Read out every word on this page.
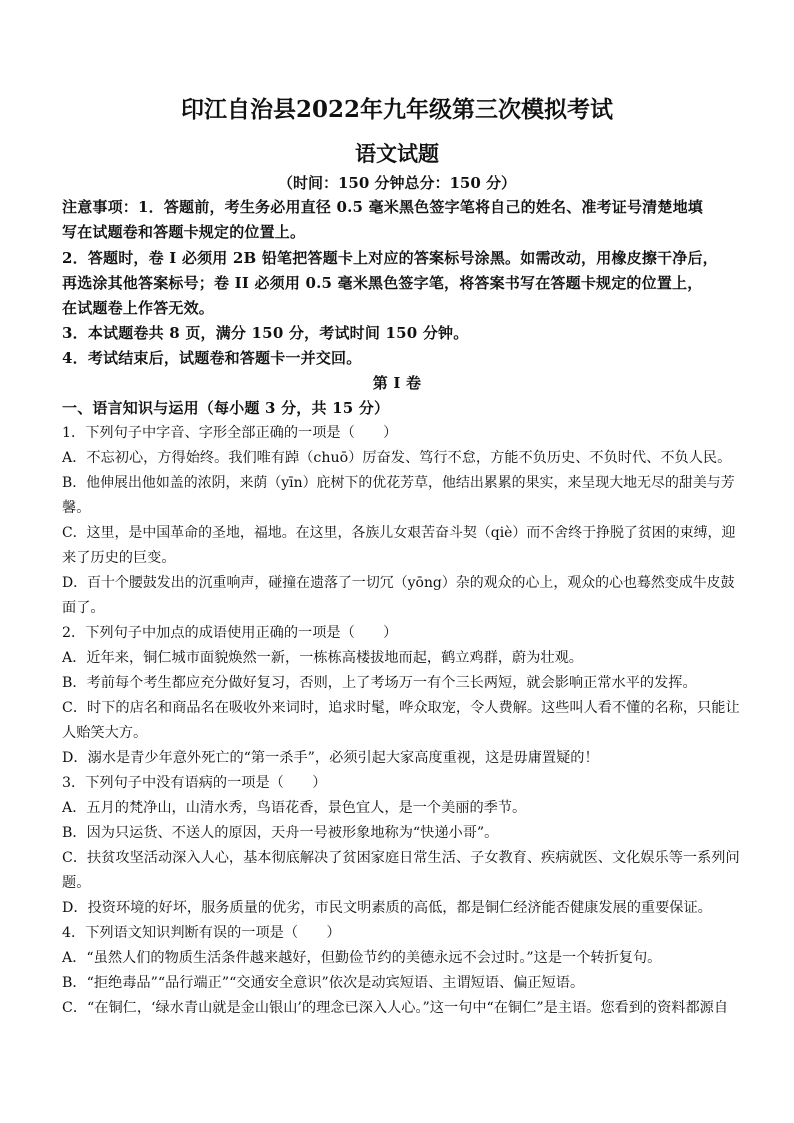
印江自治县2022年九年级第三次模拟考试
语文试题
（时间：150 分钟总分：150 分）
注意事项：1．答题前，考生务必用直径 0.5 毫米黑色签字笔将自己的姓名、准考证号清楚地填
写在试题卷和答题卡规定的位置上。
2．答题时，卷 I 必须用 2B 铅笔把答题卡上对应的答案标号涂黑。如需改动，用橡皮擦干净后，
再选涂其他答案标号；卷 II 必须用 0.5 毫米黑色签字笔，将答案书写在答题卡规定的位置上，
在试题卷上作答无效。
3．本试题卷共 8 页，满分 150 分，考试时间 150 分钟。
4．考试结束后，试题卷和答题卡一并交回。
第 I 卷
一、语言知识与运用（每小题 3 分，共 15 分）
1．下列句子中字音、字形全部正确的一项是（　　）
A．不忘初心，方得始终。我们唯有踔（chuō）厉奋发、笃行不怠，方能不负历史、不负时代、不负人民。
B．他伸展出他如盖的浓阴，来荫（yīn）庇树下的优花芳草，他结出累累的果实，来呈现大地无尽的甜美与芳
馨。
C．这里，是中国革命的圣地，福地。在这里，各族儿女艰苦奋斗契（qiè）而不舍终于挣脱了贫困的束缚，迎
来了历史的巨变。
D．百十个腰鼓发出的沉重响声，碰撞在遗落了一切冗（yōng）杂的观众的心上，观众的心也蓦然变成牛皮鼓
面了。
2．下列句子中加点的成语使用正确的一项是（　　）
A．近年来，铜仁城市面貌焕然一新，一栋栋高楼拔地而起，鹤立鸡群，蔚为壮观。
B．考前每个考生都应充分做好复习，否则，上了考场万一有个三长两短，就会影响正常水平的发挥。
C．时下的店名和商品名在吸收外来词时，追求时髦，哗众取宠，令人费解。这些叫人看不懂的名称，只能让
人贻笑大方。
D．溺水是青少年意外死亡的“第一杀手”，必须引起大家高度重视，这是毋庸置疑的！
3．下列句子中没有语病的一项是（　　）
A．五月的梵净山，山清水秀，鸟语花香，景色宜人，是一个美丽的季节。
B．因为只运货、不送人的原因，天舟一号被形象地称为“快递小哥”。
C．扶贫攻坚活动深入人心，基本彻底解决了贫困家庭日常生活、子女教育、疾病就医、文化娱乐等一系列问
题。
D．投资环境的好坏，服务质量的优劣，市民文明素质的高低，都是铜仁经济能否健康发展的重要保证。
4．下列语文知识判断有误的一项是（　　）
A．“虽然人们的物质生活条件越来越好，但勤俭节约的美德永远不会过时。”这是一个转折复句。
B．“拒绝毒品”“品行端正”“交通安全意识”依次是动宾短语、主谓短语、偏正短语。
C．“在铜仁，‘绿水青山就是金山银山’的理念已深入人心。”这一句中“在铜仁”是主语。您看到的资料都源自
